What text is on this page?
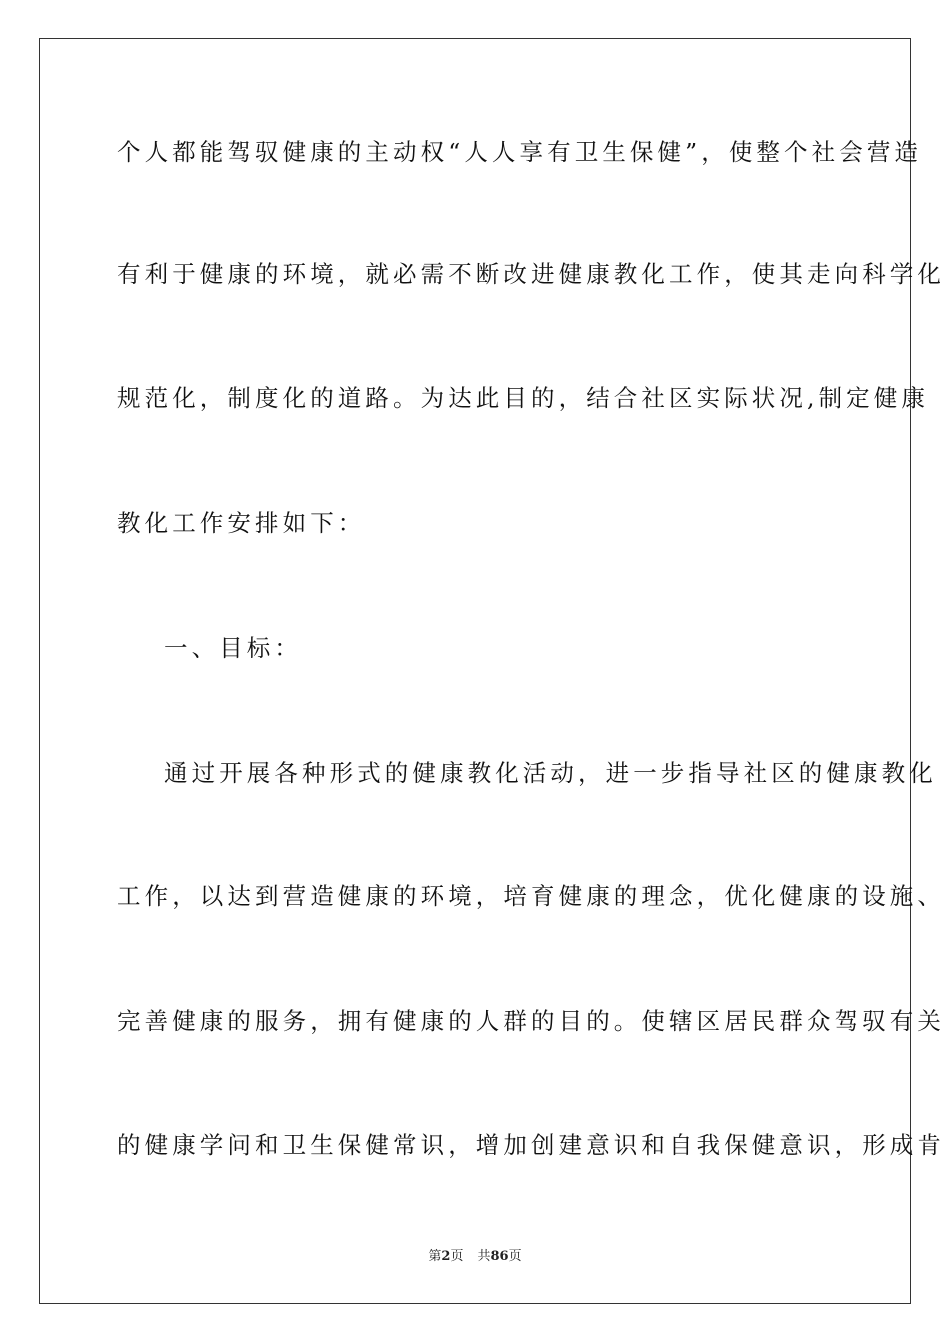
个人都能驾驭健康的主动权“人人享有卫生保健”，使整个社会营造
有利于健康的环境，就必需不断改进健康教化工作，使其走向科学化
规范化，制度化的道路。为达此目的，结合社区实际状况,制定健康
教化工作安排如下：
一、目标：
通过开展各种形式的健康教化活动，进一步指导社区的健康教化
工作，以达到营造健康的环境，培育健康的理念，优化健康的设施、
完善健康的服务，拥有健康的人群的目的。使辖区居民群众驾驭有关
的健康学问和卫生保健常识，增加创建意识和自我保健意识，形成肯
第2页 共86页
